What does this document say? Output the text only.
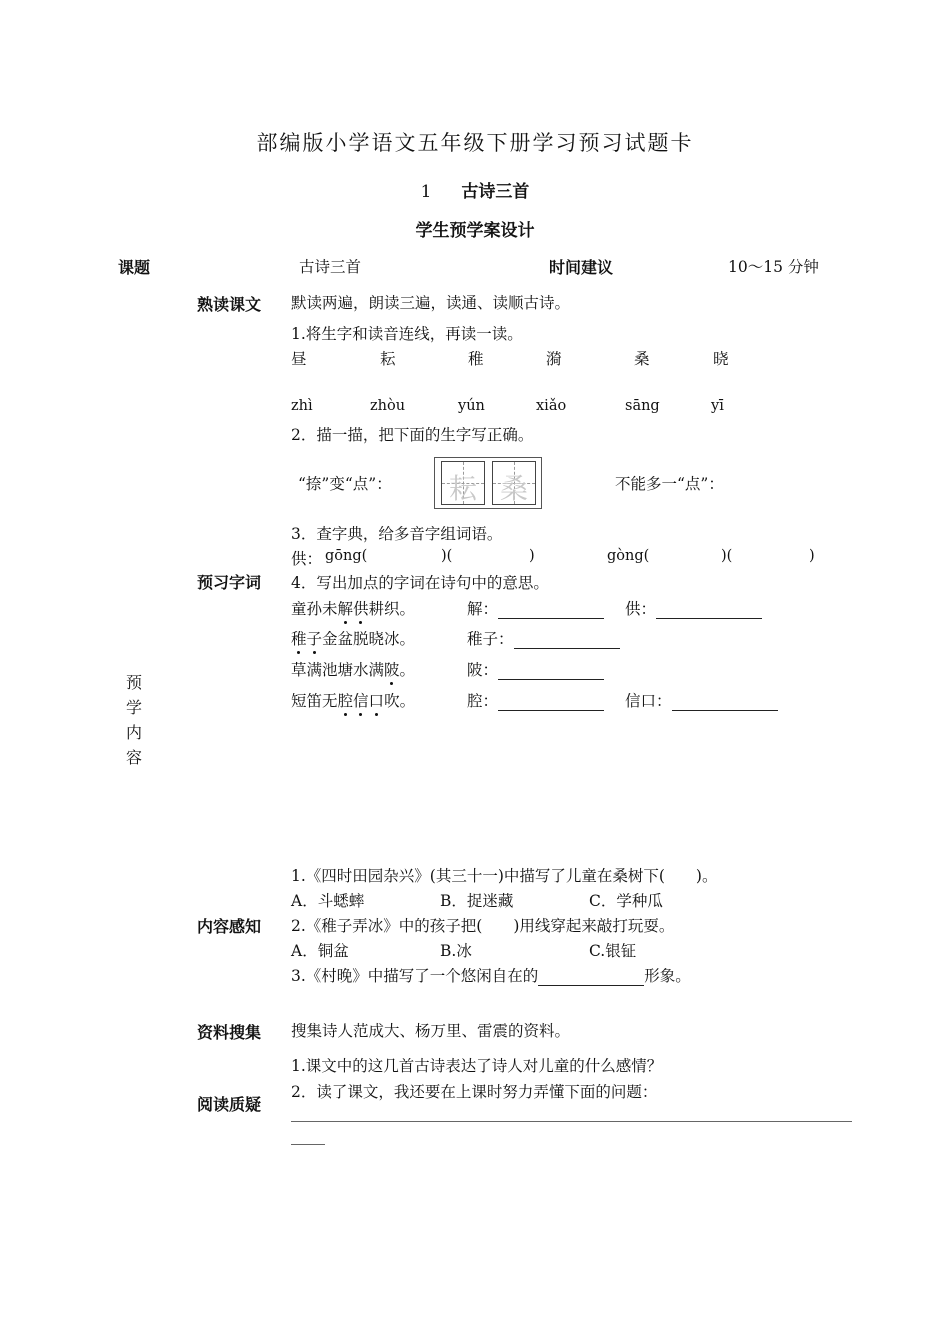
部编版小学语文五年级下册学习预习试题卡
1 古诗三首
学生预学案设计
课题	古诗三首	时间建议	10～15 分钟
预
学
内
容
熟读课文 默读两遍，朗读三遍，读通、读顺古诗。
1.将生字和读音连线，再读一读。
昼	耘	稚	漪	桑	晓
zhì	zhòu	yún	xiǎo	sāng	yī
2．描一描，把下面的生字写正确。
“捺”变“点”： 耘 桑	不能多一“点”：
3．查字典，给多音字组词语。
供： gōng(	)(	)	gòng(	)(	)
预习字词 4．写出加点的字词在诗句中的意思。
童孙未解供耕织。	解：	供：
稚子金盆脱晓冰。	稚子：
草满池塘水满陂。	陂：
短笛无腔信口吹。	腔：	信口：
1.《四时田园杂兴》(其三十一)中描写了儿童在桑树下(　　)。
A．斗蟋蟀	B．捉迷藏	C．学种瓜
内容感知 2.《稚子弄冰》中的孩子把(　　)用线穿起来敲打玩耍。
A．铜盆	B.冰	C.银钲
3.《村晚》中描写了一个悠闲自在的	形象。
资料搜集 搜集诗人范成大、杨万里、雷震的资料。
1.课文中的这几首古诗表达了诗人对儿童的什么感情？
2．读了课文，我还要在上课时努力弄懂下面的问题：
阅读质疑
